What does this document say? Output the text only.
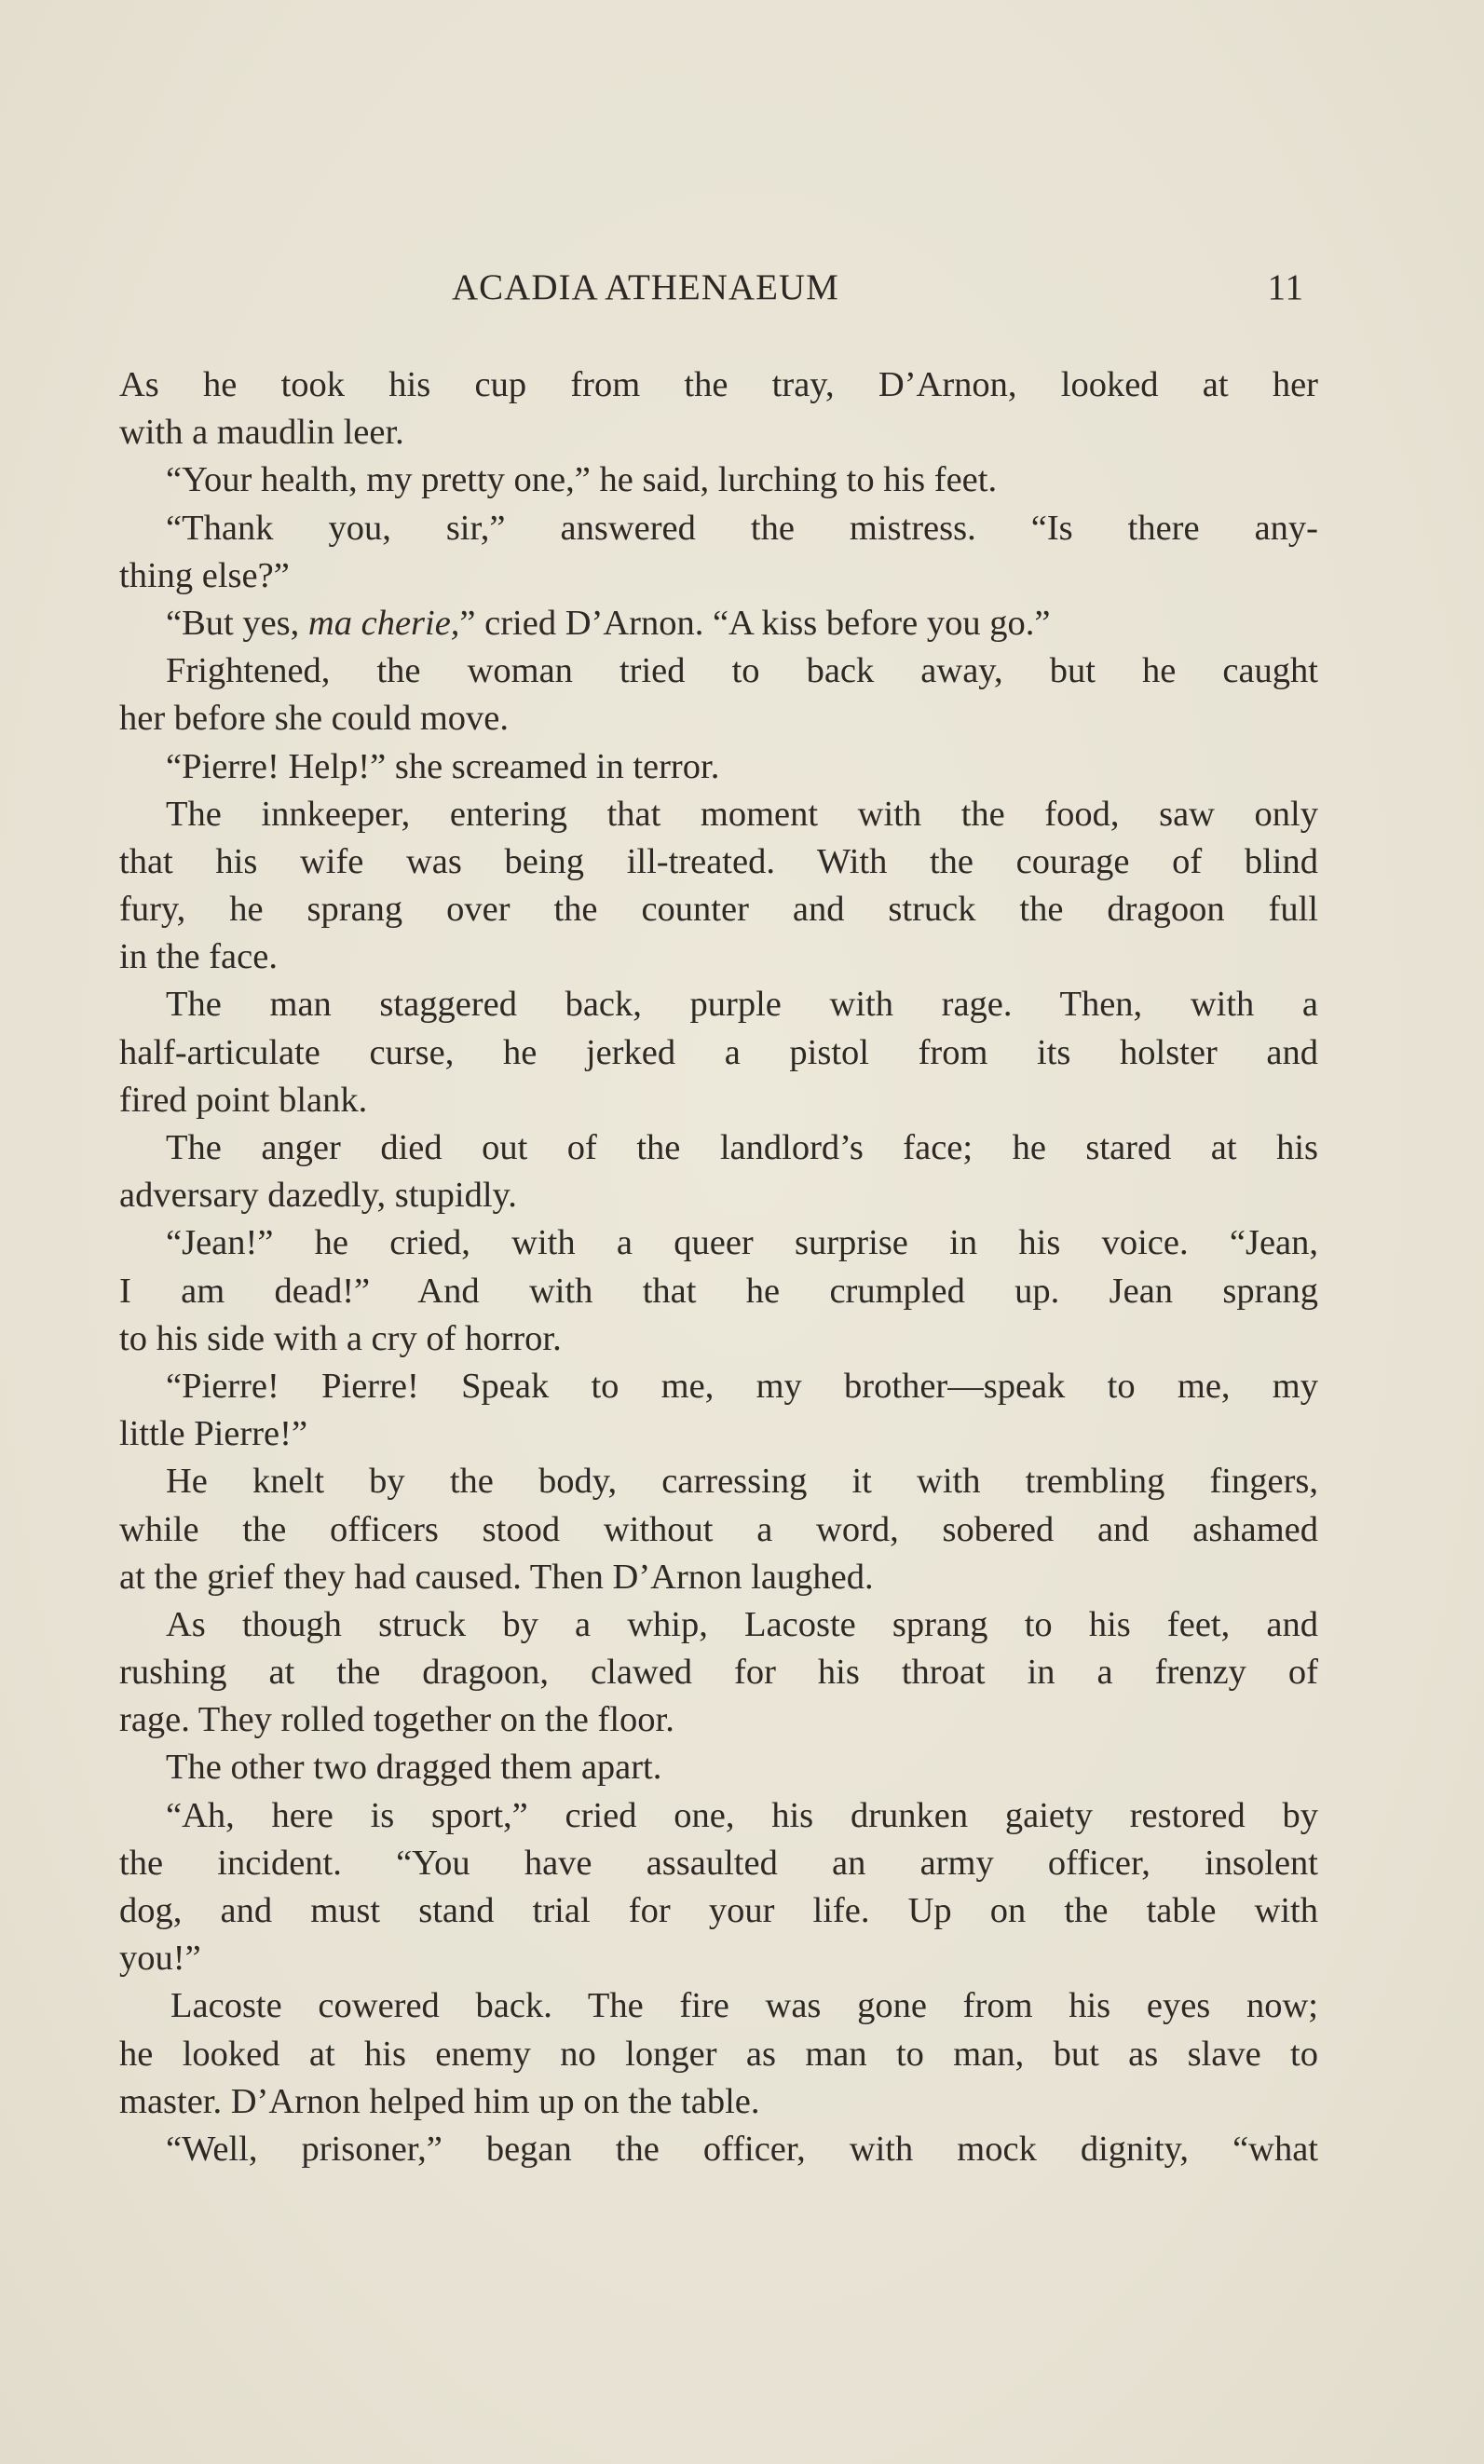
ACADIA ATHENAEUM	11
As he took his cup from the tray, D’Arnon, looked at her
with a maudlin leer.
“Your health, my pretty one,” he said, lurching to his feet.
“Thank you, sir,” answered the mistress. “Is there any-
thing else?”
“But yes, ma cherie,” cried D’Arnon. “A kiss before you go.”
Frightened, the woman tried to back away, but he caught
her before she could move.
“Pierre! Help!” she screamed in terror.
The innkeeper, entering that moment with the food, saw only
that his wife was being ill-treated. With the courage of blind
fury, he sprang over the counter and struck the dragoon full
in the face.
The man staggered back, purple with rage. Then, with a
half-articulate curse, he jerked a pistol from its holster and
fired point blank.
The anger died out of the landlord’s face; he stared at his
adversary dazedly, stupidly.
“Jean!” he cried, with a queer surprise in his voice. “Jean,
I am dead!” And with that he crumpled up. Jean sprang
to his side with a cry of horror.
“Pierre! Pierre! Speak to me, my brother—speak to me, my
little Pierre!”
He knelt by the body, carressing it with trembling fingers,
while the officers stood without a word, sobered and ashamed
at the grief they had caused. Then D’Arnon laughed.
As though struck by a whip, Lacoste sprang to his feet, and
rushing at the dragoon, clawed for his throat in a frenzy of
rage. They rolled together on the floor.
The other two dragged them apart.
“Ah, here is sport,” cried one, his drunken gaiety restored by
the incident. “You have assaulted an army officer, insolent
dog, and must stand trial for your life. Up on the table with
you!”
Lacoste cowered back. The fire was gone from his eyes now;
he looked at his enemy no longer as man to man, but as slave to
master. D’Arnon helped him up on the table.
“Well, prisoner,” began the officer, with mock dignity, “what
